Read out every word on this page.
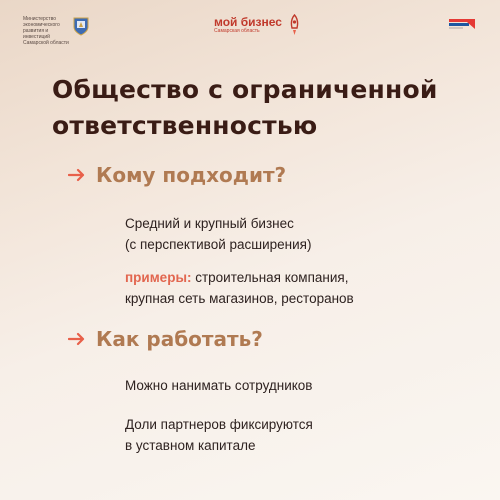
Министерство
экономического
развития и инвестиций
Самарской области
мой бизнес
Самарская область
Общество с ограниченной
ответственностью
Кому подходит?

Средний и крупный бизнес
(с перспективой расширения)

примеры: строительная компания,
крупная сеть магазинов, ресторанов

Как работать?

Можно нанимать сотрудников

Доли партнеров фиксируются
в уставном капитале
